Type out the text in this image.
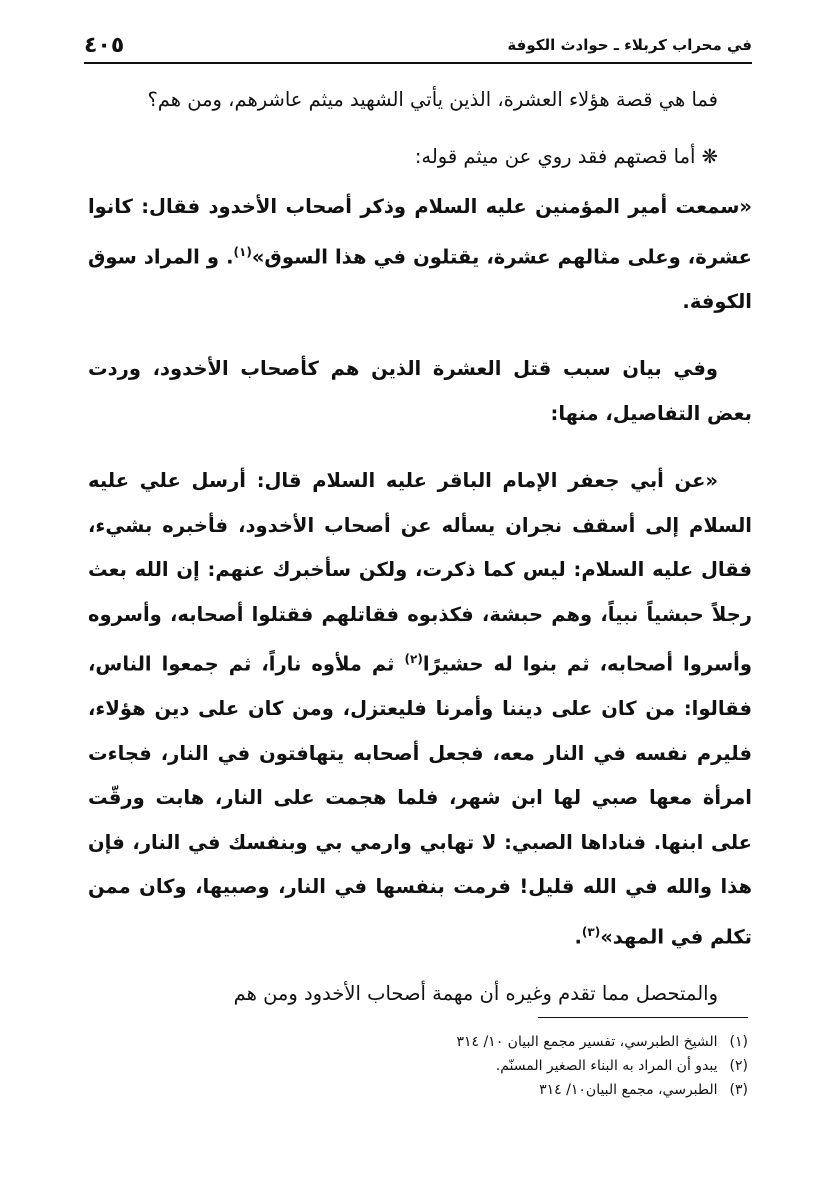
في محراب كربلاء ـ حوادث الكوفة
٤٠٥

فما هي قصة هؤلاء العشرة، الذين يأتي الشهيد ميثم عاشرهم، ومن هم؟

❋ أما قصتهم فقد روي عن ميثم قوله:

«سمعت أمير المؤمنين عليه السلام وذكر أصحاب الأخدود فقال: كانوا عشرة، وعلى مثالهم عشرة، يقتلون في هذا السوق»$^{(١)}$. و المراد سوق الكوفة.

وفي بيان سبب قتل العشرة الذين هم كأصحاب الأخدود، وردت بعض التفاصيل، منها:

«عن أبي جعفر الإمام الباقر عليه السلام قال: أرسل علي عليه السلام إلى أسقف نجران يسأله عن أصحاب الأخدود، فأخبره بشيء، فقال عليه السلام: ليس كما ذكرت، ولكن سأخبرك عنهم: إن الله بعث رجلاً حبشياً نبياً، وهم حبشة، فكذبوه فقاتلهم فقتلوا أصحابه، وأسروه وأسروا أصحابه، ثم بنوا له حشيرًا$^{(٢)}$ ثم ملأوه ناراً، ثم جمعوا الناس، فقالوا: من كان على ديننا وأمرنا فليعتزل، ومن كان على دين هؤلاء، فليرم نفسه في النار معه، فجعل أصحابه يتهافتون في النار، فجاءت امرأة معها صبي لها ابن شهر، فلما هجمت على النار، هابت ورقّت على ابنها. فناداها الصبي: لا تهابي وارمي بي وبنفسك في النار، فإن هذا والله في الله قليل! فرمت بنفسها في النار، وصبيها، وكان ممن تكلم في المهد»$^{(٣)}$.

والمتحصل مما تقدم وغيره أن مهمة أصحاب الأخدود ومن هم

(١) الشيخ الطبرسي، تفسير مجمع البيان ١٠/ ٣١٤

(٢) يبدو أن المراد به البناء الصغير المسنّم.

(٣) الطبرسي، مجمع البيان١٠/ ٣١٤
